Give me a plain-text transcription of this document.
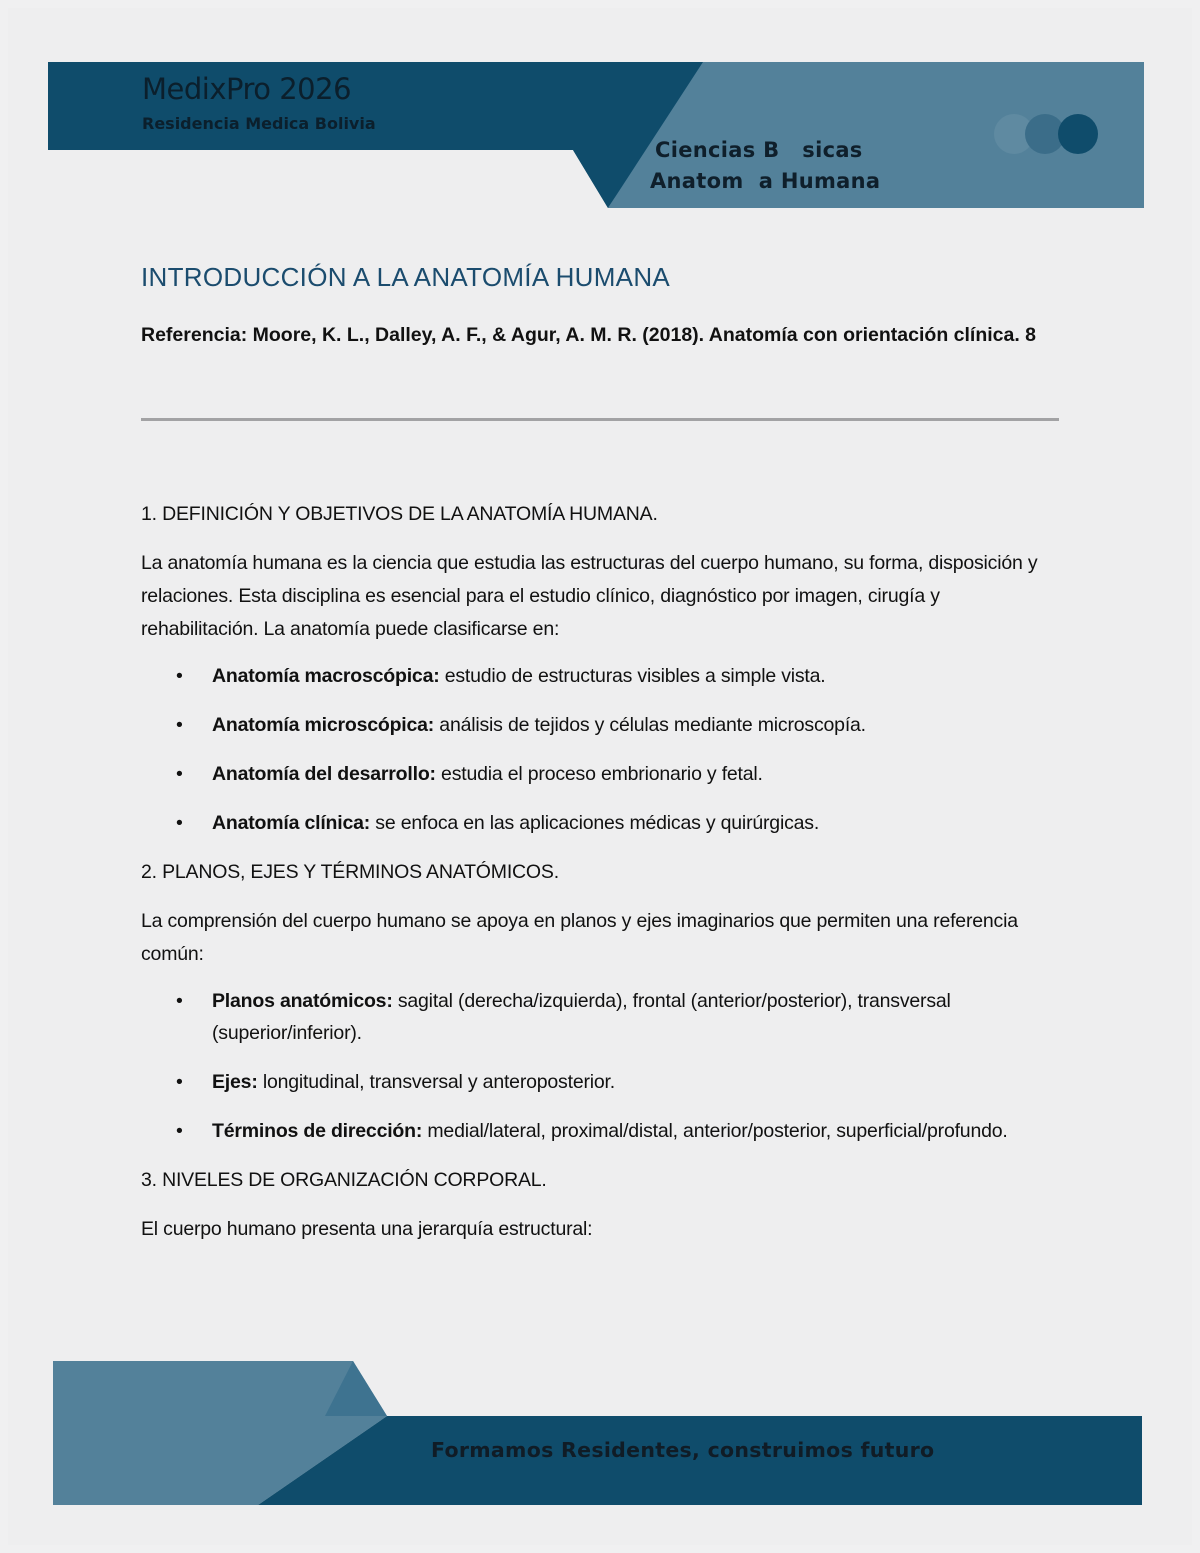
MedixPro 2026
Residencia Medica Bolivia
Ciencias B   sicas
Anatom  a Humana
INTRODUCCIÓN A LA ANATOMÍA HUMANA

Referencia: Moore, K. L., Dalley, A. F., & Agur, A. M. R. (2018). Anatomía con orientación clínica. 8

1. DEFINICIÓN Y OBJETIVOS DE LA ANATOMÍA HUMANA.

La anatomía humana es la ciencia que estudia las estructuras del cuerpo humano, su forma, disposición y relaciones. Esta disciplina es esencial para el estudio clínico, diagnóstico por imagen, cirugía y rehabilitación. La anatomía puede clasificarse en:

• Anatomía macroscópica: estudio de estructuras visibles a simple vista.
• Anatomía microscópica: análisis de tejidos y células mediante microscopía.
• Anatomía del desarrollo: estudia el proceso embrionario y fetal.
• Anatomía clínica: se enfoca en las aplicaciones médicas y quirúrgicas.
2. PLANOS, EJES Y TÉRMINOS ANATÓMICOS.

La comprensión del cuerpo humano se apoya en planos y ejes imaginarios que permiten una referencia común:

• Planos anatómicos: sagital (derecha/izquierda), frontal (anterior/posterior), transversal (superior/inferior).
• Ejes: longitudinal, transversal y anteroposterior.
• Términos de dirección: medial/lateral, proximal/distal, anterior/posterior, superficial/profundo.
3. NIVELES DE ORGANIZACIÓN CORPORAL.

El cuerpo humano presenta una jerarquía estructural:

Formamos Residentes, construimos futuro
